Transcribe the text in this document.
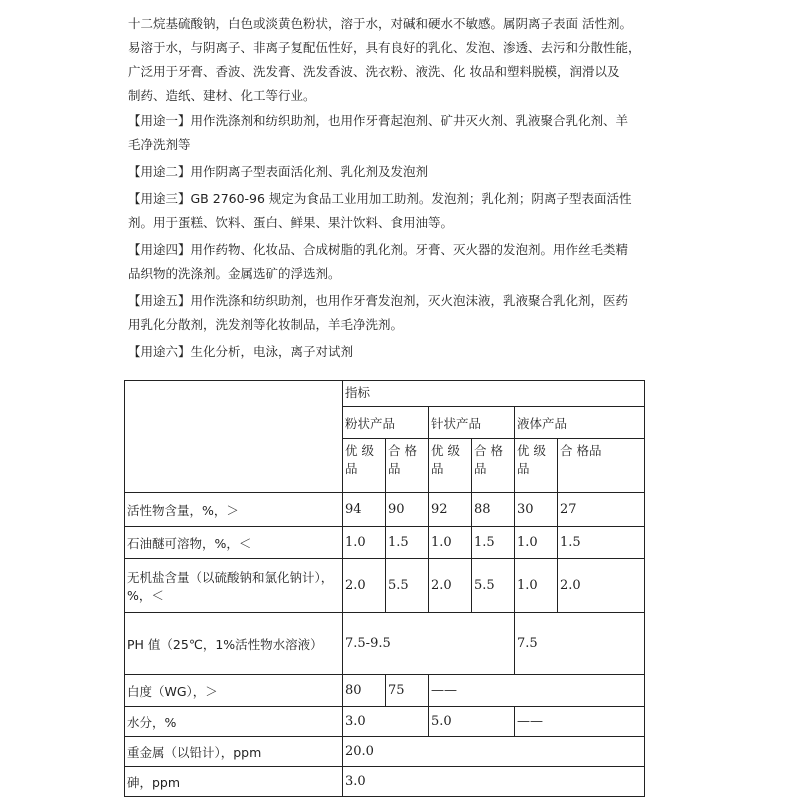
十二烷基硫酸钠，白色或淡黄色粉状，溶于水，对碱和硬水不敏感。属阴离子表面 活性剂。
易溶于水，与阴离子、非离子复配伍性好，具有良好的乳化、发泡、渗透、去污和分散性能，
广泛用于牙膏、香波、洗发膏、洗发香波、洗衣粉、液洗、化 妆品和塑料脱模，润滑以及
制药、造纸、建材、化工等行业。

【用途一】用作洗涤剂和纺织助剂，也用作牙膏起泡剂、矿井灭火剂、乳液聚合乳化剂、羊
毛净洗剂等

【用途二】用作阴离子型表面活化剂、乳化剂及发泡剂

【用途三】GB 2760-96 规定为食品工业用加工助剂。发泡剂；乳化剂；阴离子型表面活性
剂。用于蛋糕、饮料、蛋白、鲜果、果汁饮料、食用油等。

【用途四】用作药物、化妆品、合成树脂的乳化剂。牙膏、灭火器的发泡剂。用作丝毛类精
品织物的洗涤剂。金属选矿的浮选剂。

【用途五】用作洗涤和纺织助剂，也用作牙膏发泡剂，灭火泡沫液，乳液聚合乳化剂，医药
用乳化分散剂，洗发剂等化妆制品，羊毛净洗剂。

【用途六】生化分析，电泳，离子对试剂

	指标					
	粉状产品		针状产品		液体产品	
	优 级品	合 格品	优 级品	合 格品	优 级品	合 格品
活性物含量，%，＞	94	90	92	88	30	27
石油醚可溶物，%，＜	1.0	1.5	1.0	1.5	1.0	1.5
无机盐含量（以硫酸钠和氯化钠计），%，＜	2.0	5.5	2.0	5.5	1.0	2.0
PH 值（25℃，1%活性物水溶液）	7.5-9.5				7.5	
白度（WG），＞	80	75	——			
水分，%	3.0		5.0		——	
重金属（以铅计），ppm	20.0					
砷，ppm	3.0					
